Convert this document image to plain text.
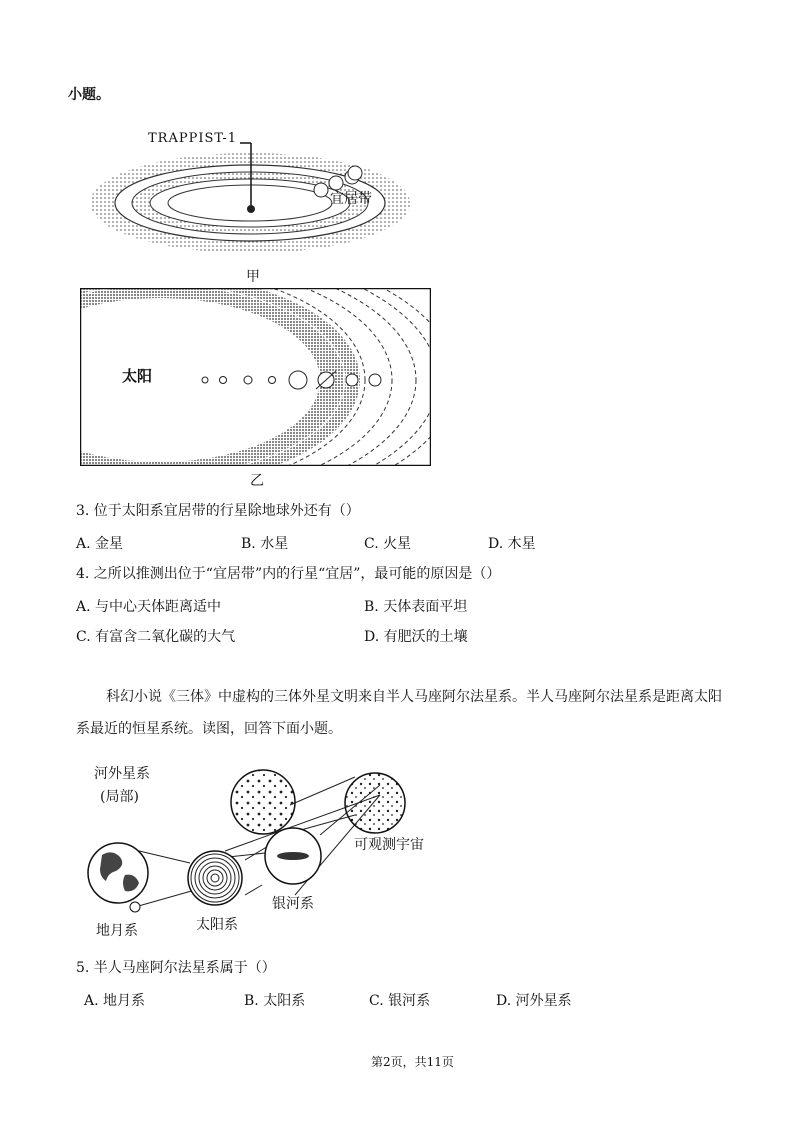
小题。
TRAPPIST-1
宜居带
甲
太阳
宜居带
乙
3. 位于太阳系宜居带的行星除地球外还有（）
A. 金星	B. 水星	C. 火星	D. 木星
4. 之所以推测出位于“宜居带”内的行星“宜居”，最可能的原因是（）
A. 与中心天体距离适中	B. 天体表面平坦
C. 有富含二氧化碳的大气	D. 有肥沃的土壤
科幻小说《三体》中虚构的三体外星文明来自半人马座阿尔法星系。半人马座阿尔法星系是距离太阳
系最近的恒星系统。读图，回答下面小题。
河外星系
(局部)
可观测宇宙
地月系	太阳系
银河系
5. 半人马座阿尔法星系属于（）
A. 地月系	B. 太阳系	C. 银河系	D. 河外星系
第2页，共11页
